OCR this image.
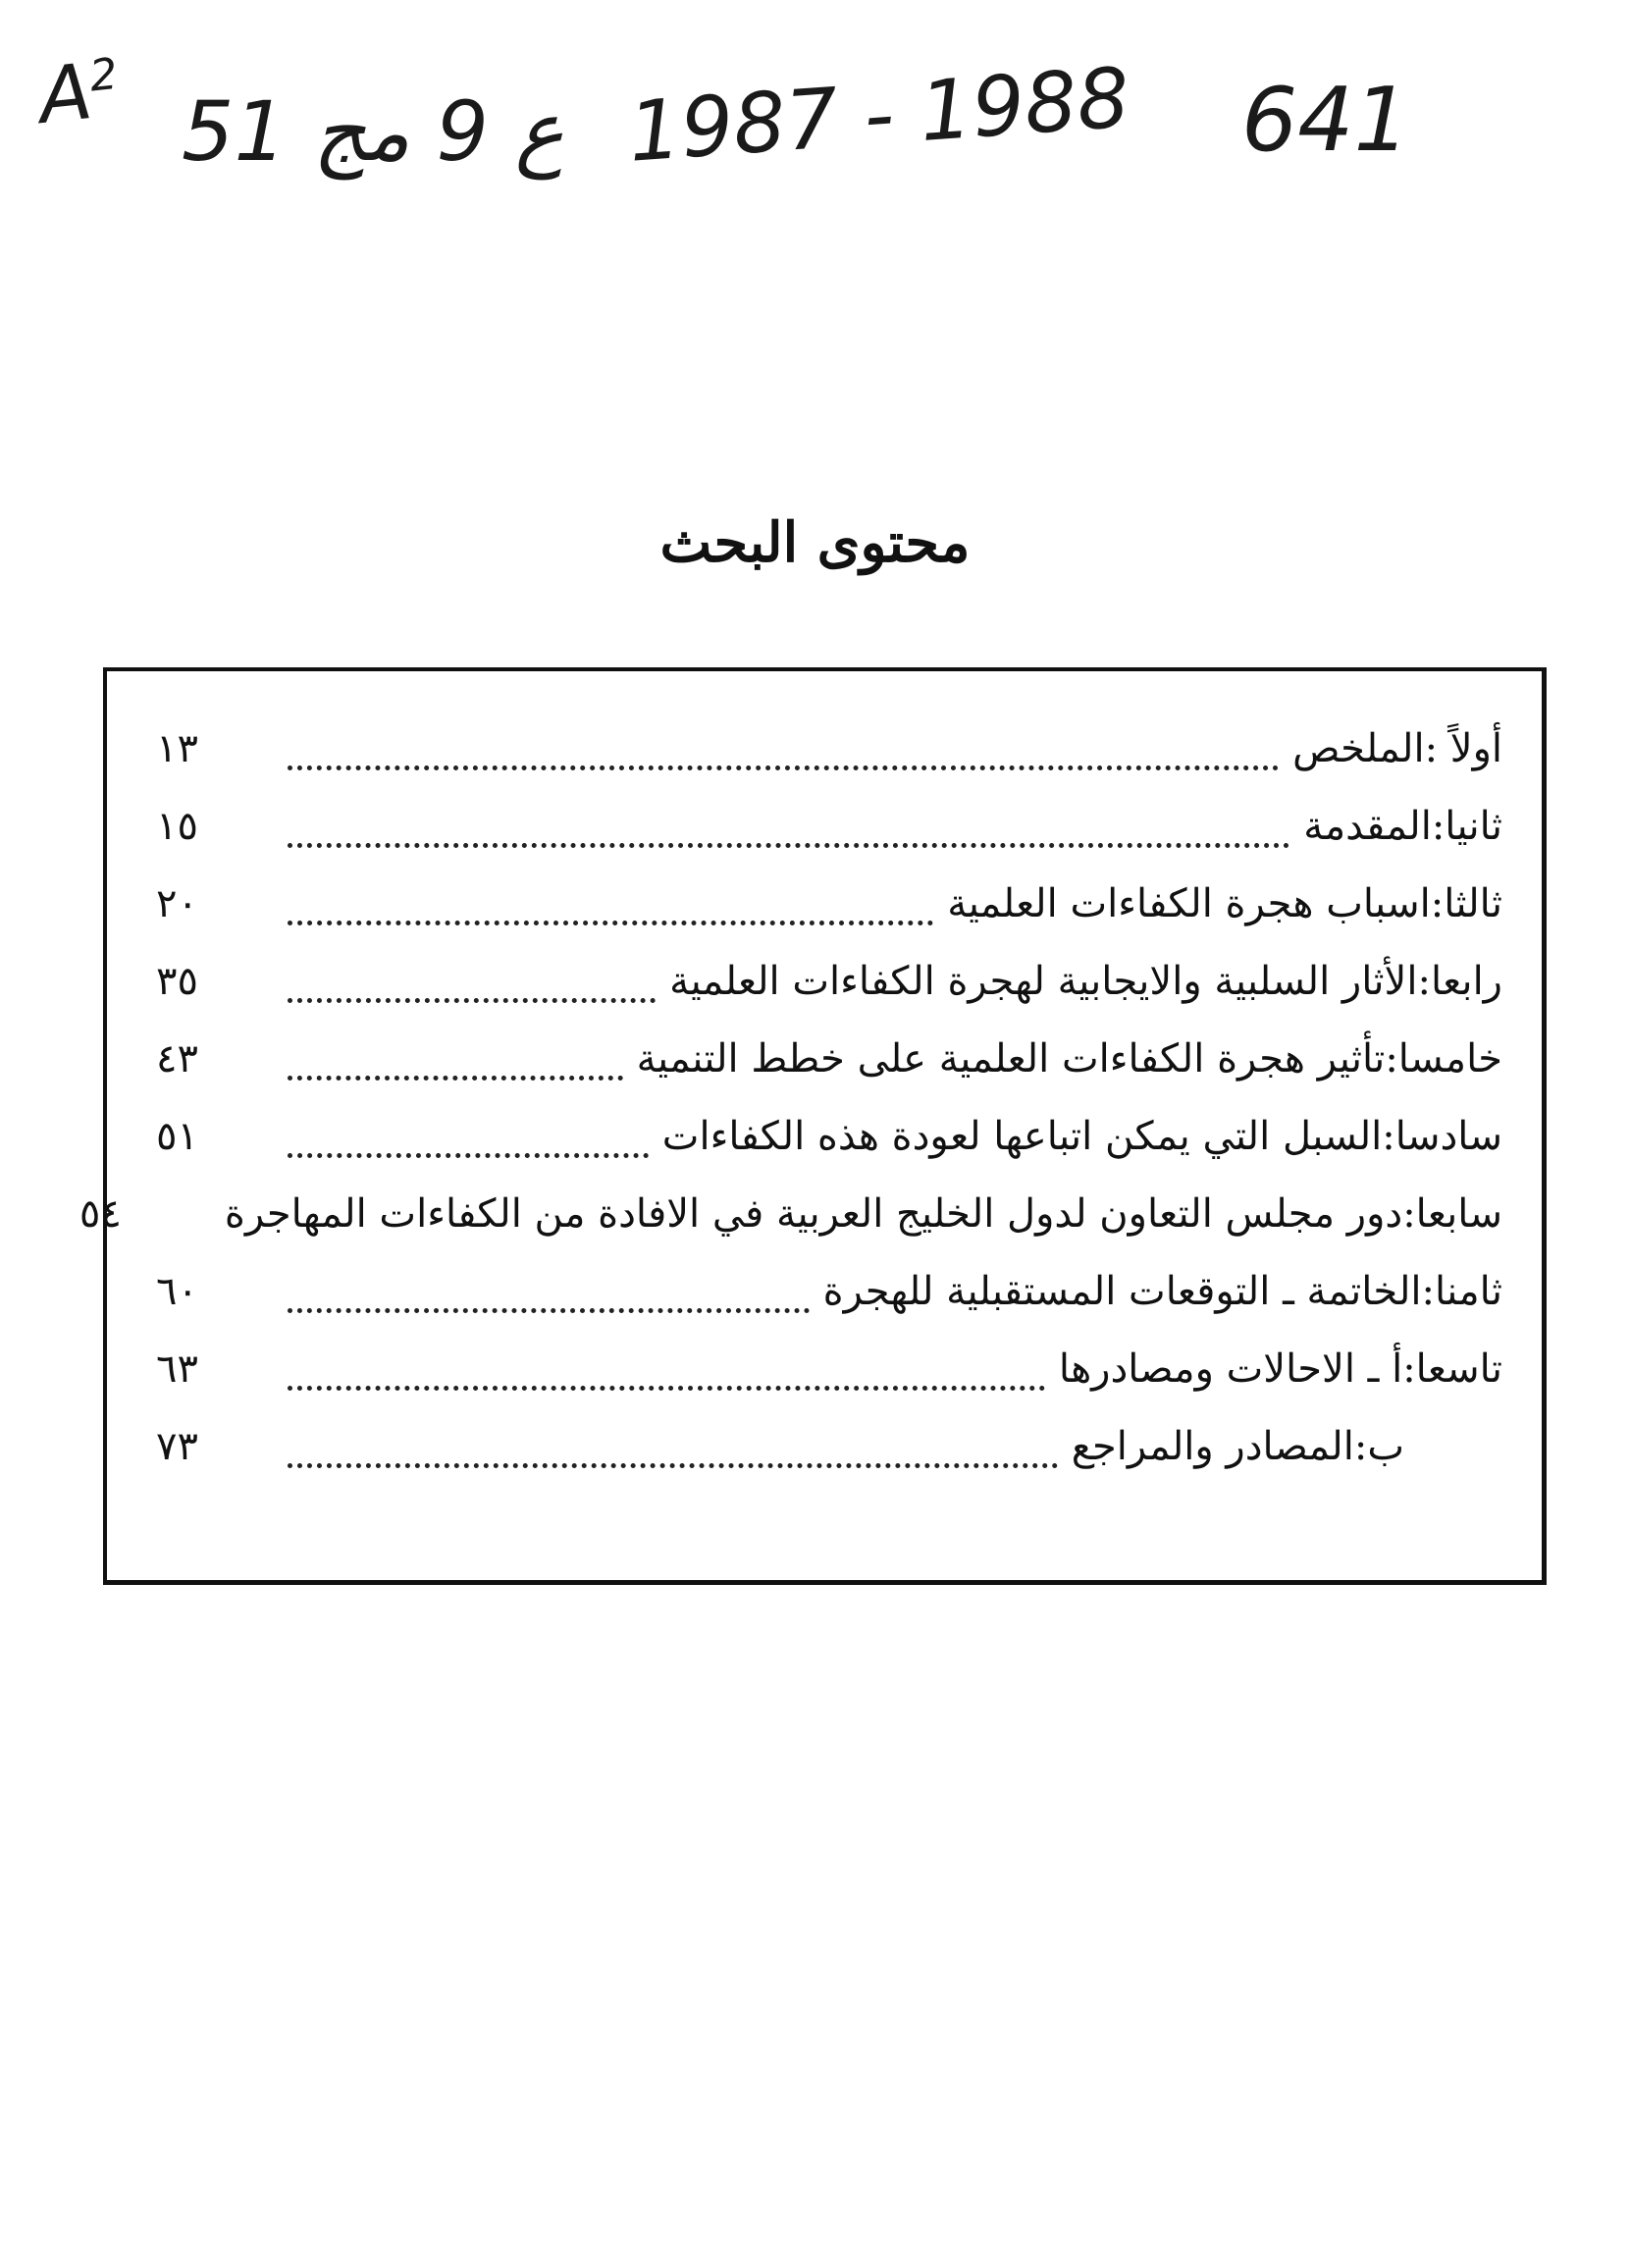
$A^2$
51 ع 9 مج 1987 - 1988 641
محتوى البحث
أولاً :
الملخص
١٣
ثانيا:
المقدمة
١٥
ثالثا:
اسباب هجرة الكفاءات العلمية
٢٠
رابعا:
الأثار السلبية والايجابية لهجرة الكفاءات العلمية
٣٥
خامسا:
تأثير هجرة الكفاءات العلمية على خطط التنمية
٤٣
سادسا:
السبل التي يمكن اتباعها لعودة هذه الكفاءات
٥١
سابعا:
دور مجلس التعاون لدول الخليج العربية في الافادة من الكفاءات المهاجرة
٥٤
ثامنا:
الخاتمة ـ التوقعات المستقبلية للهجرة
٦٠
تاسعا:
أ ـ الاحالات ومصادرها
٦٣
ب:
المصادر والمراجع
٧٣
